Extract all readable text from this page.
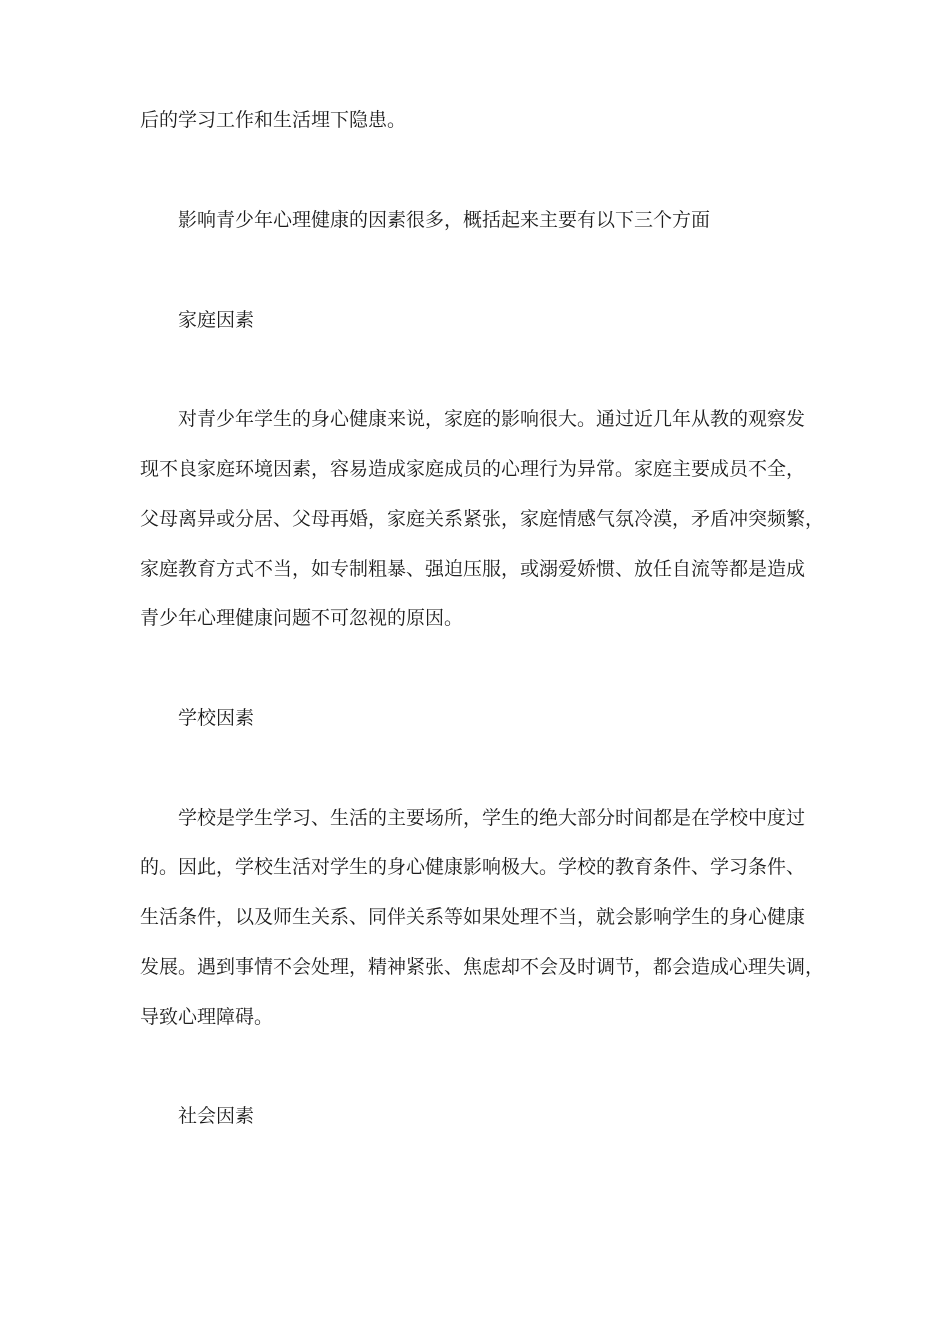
后的学习工作和生活埋下隐患。
影响青少年心理健康的因素很多，概括起来主要有以下三个方面
家庭因素
对青少年学生的身心健康来说，家庭的影响很大。通过近几年从教的观察发
现不良家庭环境因素，容易造成家庭成员的心理行为异常。家庭主要成员不全，
父母离异或分居、父母再婚，家庭关系紧张，家庭情感气氛冷漠，矛盾冲突频繁，
家庭教育方式不当，如专制粗暴、强迫压服，或溺爱娇惯、放任自流等都是造成
青少年心理健康问题不可忽视的原因。
学校因素
学校是学生学习、生活的主要场所，学生的绝大部分时间都是在学校中度过
的。因此，学校生活对学生的身心健康影响极大。学校的教育条件、学习条件、
生活条件，以及师生关系、同伴关系等如果处理不当，就会影响学生的身心健康
发展。遇到事情不会处理，精神紧张、焦虑却不会及时调节，都会造成心理失调，
导致心理障碍。
社会因素
